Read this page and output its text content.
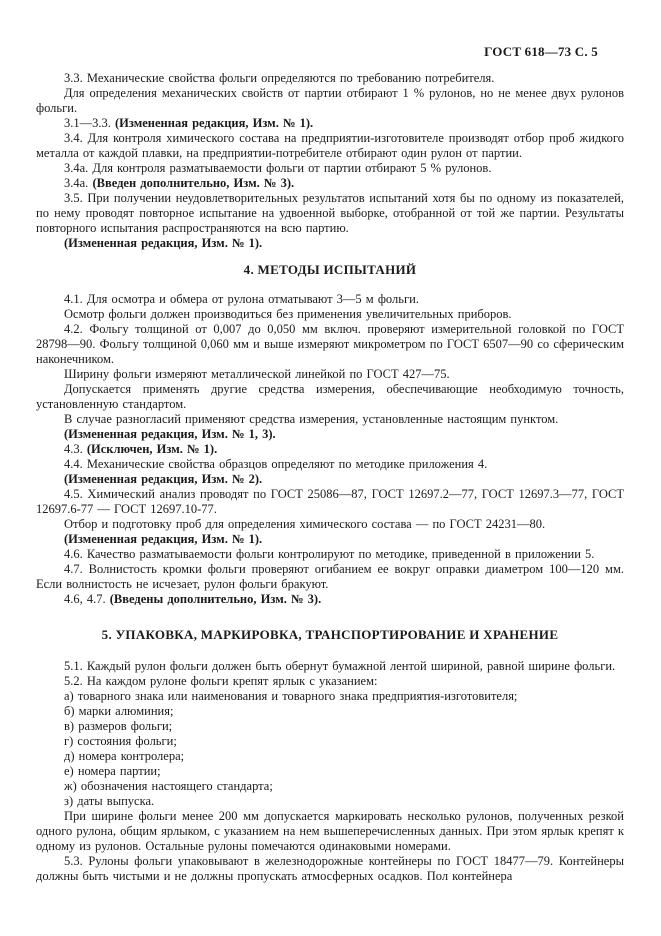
ГОСТ 618—73 С. 5

3.3. Механические свойства фольги определяются по требованию потребителя.

Для определения механических свойств от партии отбирают 1 % рулонов, но не менее двух рулонов фольги.

3.1—3.3. (Измененная редакция, Изм. № 1).

3.4. Для контроля химического состава на предприятии-изготовителе производят отбор проб жидкого металла от каждой плавки, на предприятии-потребителе отбирают один рулон от партии.

3.4а. Для контроля разматываемости фольги от партии отбирают 5 % рулонов.

3.4а. (Введен дополнительно, Изм. № 3).

3.5. При получении неудовлетворительных результатов испытаний хотя бы по одному из показателей, по нему проводят повторное испытание на удвоенной выборке, отобранной от той же партии. Результаты повторного испытания распространяются на всю партию.

(Измененная редакция, Изм. № 1).

4. МЕТОДЫ ИСПЫТАНИЙ

4.1. Для осмотра и обмера от рулона отматывают 3—5 м фольги.

Осмотр фольги должен производиться без применения увеличительных приборов.

4.2. Фольгу толщиной от 0,007 до 0,050 мм включ. проверяют измерительной головкой по ГОСТ 28798—90. Фольгу толщиной 0,060 мм и выше измеряют микрометром по ГОСТ 6507—90 со сферическим наконечником.

Ширину фольги измеряют металлической линейкой по ГОСТ 427—75.

Допускается применять другие средства измерения, обеспечивающие необходимую точность, установленную стандартом.

В случае разногласий применяют средства измерения, установленные настоящим пунктом.

(Измененная редакция, Изм. № 1, 3).

4.3. (Исключен, Изм. № 1).

4.4. Механические свойства образцов определяют по методике приложения 4.

(Измененная редакция, Изм. № 2).

4.5. Химический анализ проводят по ГОСТ 25086—87, ГОСТ 12697.2—77, ГОСТ 12697.3—77, ГОСТ 12697.6-77 — ГОСТ 12697.10-77.

Отбор и подготовку проб для определения химического состава — по ГОСТ 24231—80.

(Измененная редакция, Изм. № 1).

4.6. Качество разматываемости фольги контролируют по методике, приведенной в приложении 5.

4.7. Волнистость кромки фольги проверяют огибанием ее вокруг оправки диаметром 100—120 мм. Если волнистость не исчезает, рулон фольги бракуют.

4.6, 4.7. (Введены дополнительно, Изм. № 3).

5. УПАКОВКА, МАРКИРОВКА, ТРАНСПОРТИРОВАНИЕ И ХРАНЕНИЕ

5.1. Каждый рулон фольги должен быть обернут бумажной лентой шириной, равной ширине фольги.

5.2. На каждом рулоне фольги крепят ярлык с указанием:

а) товарного знака или наименования и товарного знака предприятия-изготовителя;

б) марки алюминия;

в) размеров фольги;

г) состояния фольги;

д) номера контролера;

е) номера партии;

ж) обозначения настоящего стандарта;

з) даты выпуска.

При ширине фольги менее 200 мм допускается маркировать несколько рулонов, полученных резкой одного рулона, общим ярлыком, с указанием на нем вышеперечисленных данных. При этом ярлык крепят к одному из рулонов. Остальные рулоны помечаются одинаковыми номерами.

5.3. Рулоны фольги упаковывают в железнодорожные контейнеры по ГОСТ 18477—79. Контейнеры должны быть чистыми и не должны пропускать атмосферных осадков. Пол контейнера
